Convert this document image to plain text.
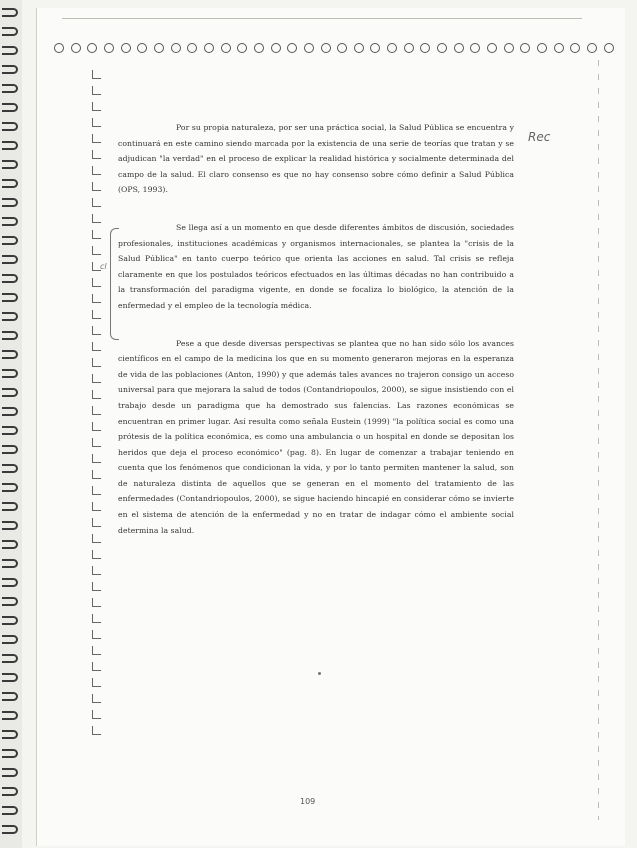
cl
Rec

Por su propia naturaleza, por ser una práctica social, la Salud Pública se encuentra y continuará en este camino siendo marcada por la existencia de una serie de teorías que tratan y se adjudican "la verdad" en el proceso de explicar la realidad histórica y socialmente determinada del campo de la salud. El claro consenso es que no hay consenso sobre cómo definir a Salud Pública (OPS, 1993).

Se llega así a un momento en que desde diferentes ámbitos de discusión, sociedades profesionales, instituciones académicas y organismos internacionales, se plantea la "crisis de la Salud Pública" en tanto cuerpo teórico que orienta las acciones en salud. Tal crisis se refleja claramente en que los postulados teóricos efectuados en las últimas décadas no han contribuido a la transformación del paradigma vigente, en donde se focaliza lo biológico, la atención de la enfermedad y el empleo de la tecnología médica.

Pese a que desde diversas perspectivas se plantea que no han sido sólo los avances científicos en el campo de la medicina los que en su momento generaron mejoras en la esperanza de vida de las poblaciones (Anton, 1990) y que además tales avances no trajeron consigo un acceso universal para que mejorara la salud de todos (Contandriopoulos, 2000), se sigue insistiendo con el trabajo desde un paradigma que ha demostrado sus falencias. Las razones económicas se encuentran en primer lugar. Así resulta como señala Eustein (1999) "la política social es como una prótesis de la política económica, es como una ambulancia o un hospital en donde se depositan los heridos que deja el proceso económico" (pag. 8). En lugar de comenzar a trabajar teniendo en cuenta que los fenómenos que condicionan la vida, y por lo tanto permiten mantener la salud, son de naturaleza distinta de aquellos que se generan en el momento del tratamiento de las enfermedades (Contandriopoulos, 2000), se sigue haciendo hincapié en considerar cómo se invierte en el sistema de atención de la enfermedad y no en tratar de indagar cómo el ambiente social determina la salud.

109
